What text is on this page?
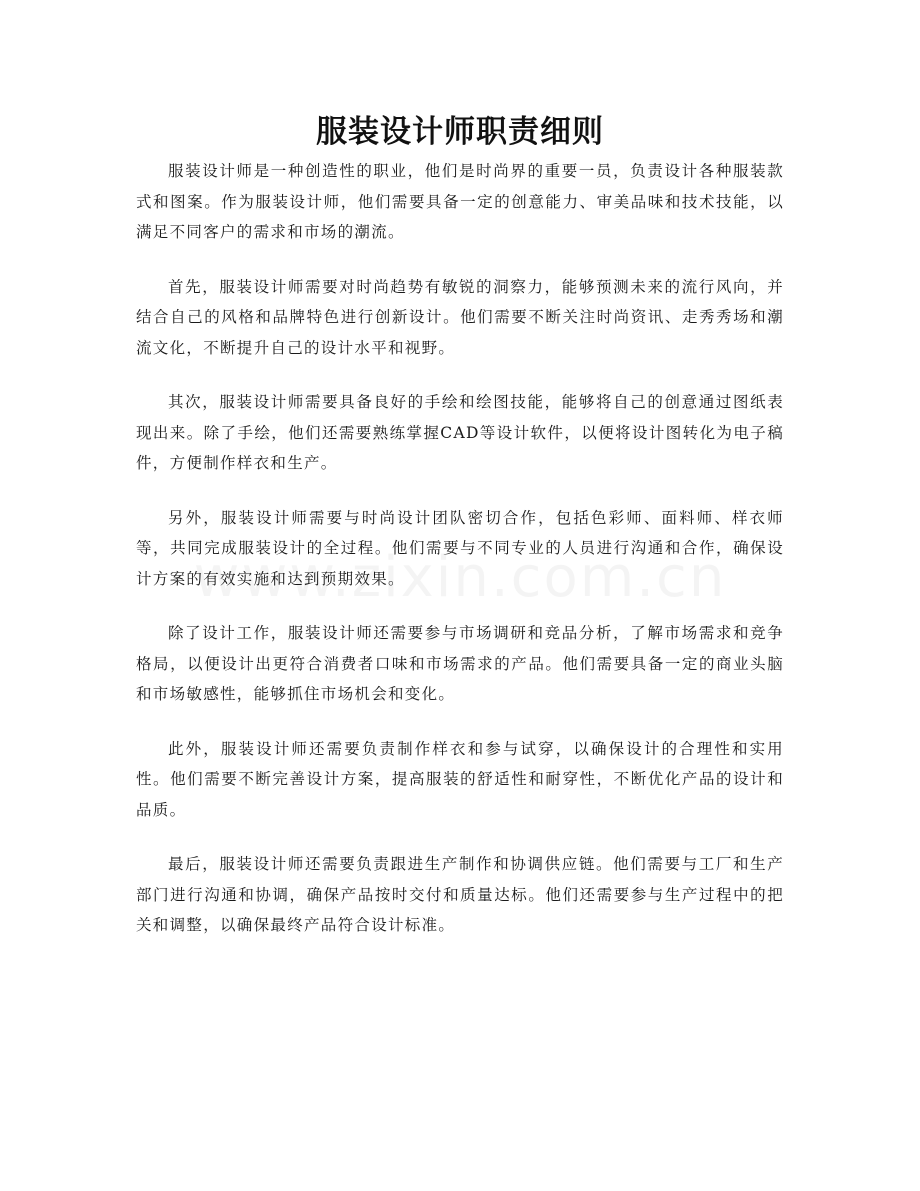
服装设计师职责细则

服装设计师是一种创造性的职业，他们是时尚界的重要一员，负责设计各种服装款式和图案。作为服装设计师，他们需要具备一定的创意能力、审美品味和技术技能，以满足不同客户的需求和市场的潮流。

首先，服装设计师需要对时尚趋势有敏锐的洞察力，能够预测未来的流行风向，并结合自己的风格和品牌特色进行创新设计。他们需要不断关注时尚资讯、走秀秀场和潮流文化，不断提升自己的设计水平和视野。

其次，服装设计师需要具备良好的手绘和绘图技能，能够将自己的创意通过图纸表现出来。除了手绘，他们还需要熟练掌握CAD等设计软件，以便将设计图转化为电子稿件，方便制作样衣和生产。

另外，服装设计师需要与时尚设计团队密切合作，包括色彩师、面料师、样衣师等，共同完成服装设计的全过程。他们需要与不同专业的人员进行沟通和合作，确保设计方案的有效实施和达到预期效果。

除了设计工作，服装设计师还需要参与市场调研和竞品分析，了解市场需求和竞争格局，以便设计出更符合消费者口味和市场需求的产品。他们需要具备一定的商业头脑和市场敏感性，能够抓住市场机会和变化。

此外，服装设计师还需要负责制作样衣和参与试穿，以确保设计的合理性和实用性。他们需要不断完善设计方案，提高服装的舒适性和耐穿性，不断优化产品的设计和品质。

最后，服装设计师还需要负责跟进生产制作和协调供应链。他们需要与工厂和生产部门进行沟通和协调，确保产品按时交付和质量达标。他们还需要参与生产过程中的把关和调整，以确保最终产品符合设计标准。
